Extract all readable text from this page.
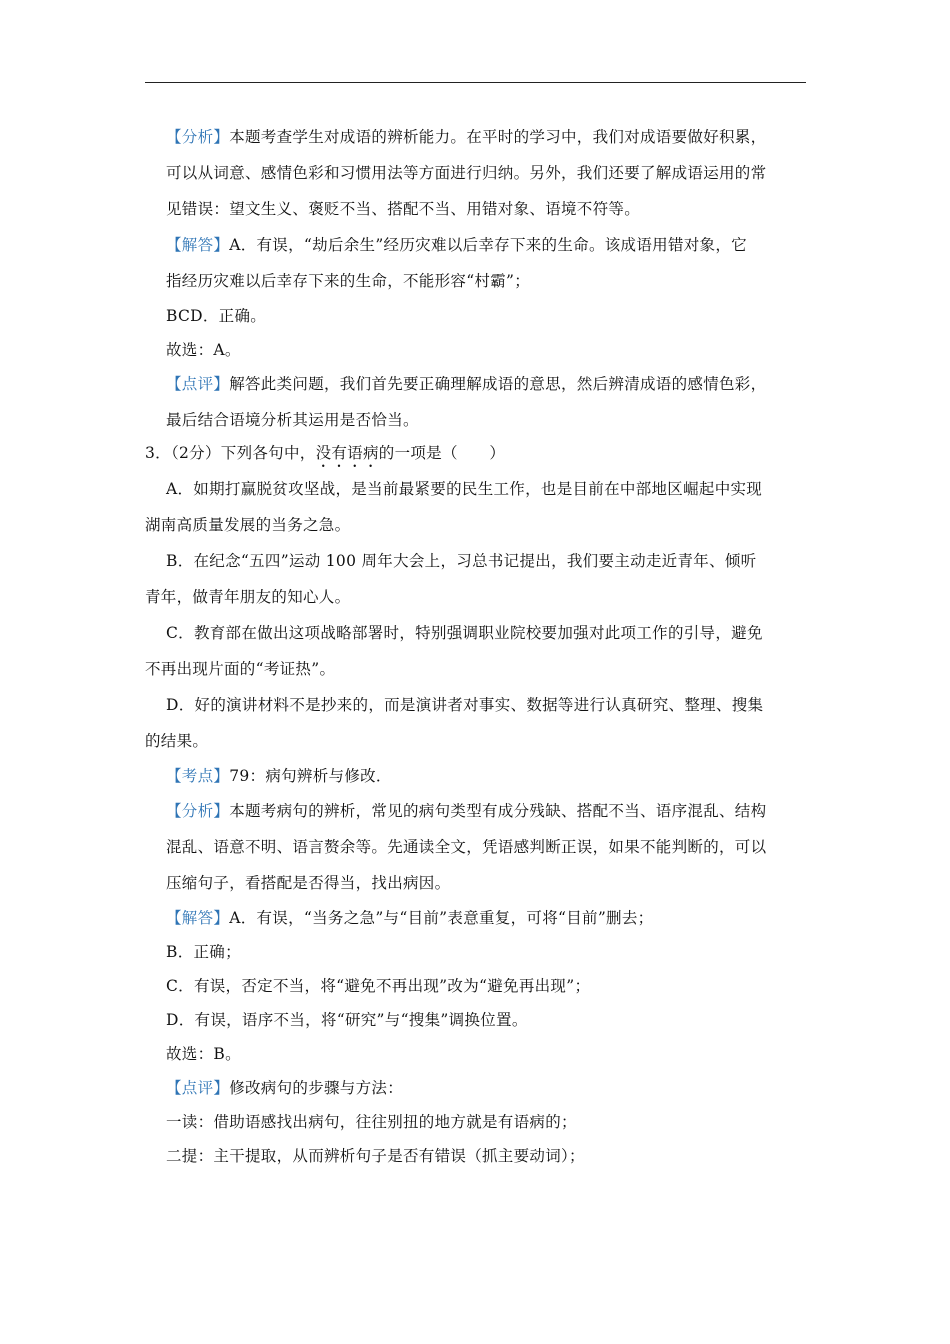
【分析】本题考查学生对成语的辨析能力。在平时的学习中，我们对成语要做好积累，
可以从词意、感情色彩和习惯用法等方面进行归纳。另外，我们还要了解成语运用的常
见错误：望文生义、褒贬不当、搭配不当、用错对象、语境不符等。
【解答】A．有误，“劫后余生”经历灾难以后幸存下来的生命。该成语用错对象，它
指经历灾难以后幸存下来的生命，不能形容“村霸”；
BCD．正确。
故选：A。
【点评】解答此类问题，我们首先要正确理解成语的意思，然后辨清成语的感情色彩，
最后结合语境分析其运用是否恰当。
3．（2分）下列各句中，没有语病的一项是（　　）
A．如期打赢脱贫攻坚战，是当前最紧要的民生工作，也是目前在中部地区崛起中实现
湖南高质量发展的当务之急。
B．在纪念“五四”运动 100 周年大会上，习总书记提出，我们要主动走近青年、倾听
青年，做青年朋友的知心人。
C．教育部在做出这项战略部署时，特别强调职业院校要加强对此项工作的引导，避免
不再出现片面的“考证热”。
D．好的演讲材料不是抄来的，而是演讲者对事实、数据等进行认真研究、整理、搜集
的结果。
【考点】79：病句辨析与修改．
【分析】本题考病句的辨析，常见的病句类型有成分残缺、搭配不当、语序混乱、结构
混乱、语意不明、语言赘余等。先通读全文，凭语感判断正误，如果不能判断的，可以
压缩句子，看搭配是否得当，找出病因。
【解答】A．有误，“当务之急”与“目前”表意重复，可将“目前”删去；
B．正确；
C．有误，否定不当，将“避免不再出现”改为“避免再出现”；
D．有误，语序不当，将“研究”与“搜集”调换位置。
故选：B。
【点评】修改病句的步骤与方法：
一读：借助语感找出病句，往往别扭的地方就是有语病的；
二提：主干提取，从而辨析句子是否有错误（抓主要动词）；
